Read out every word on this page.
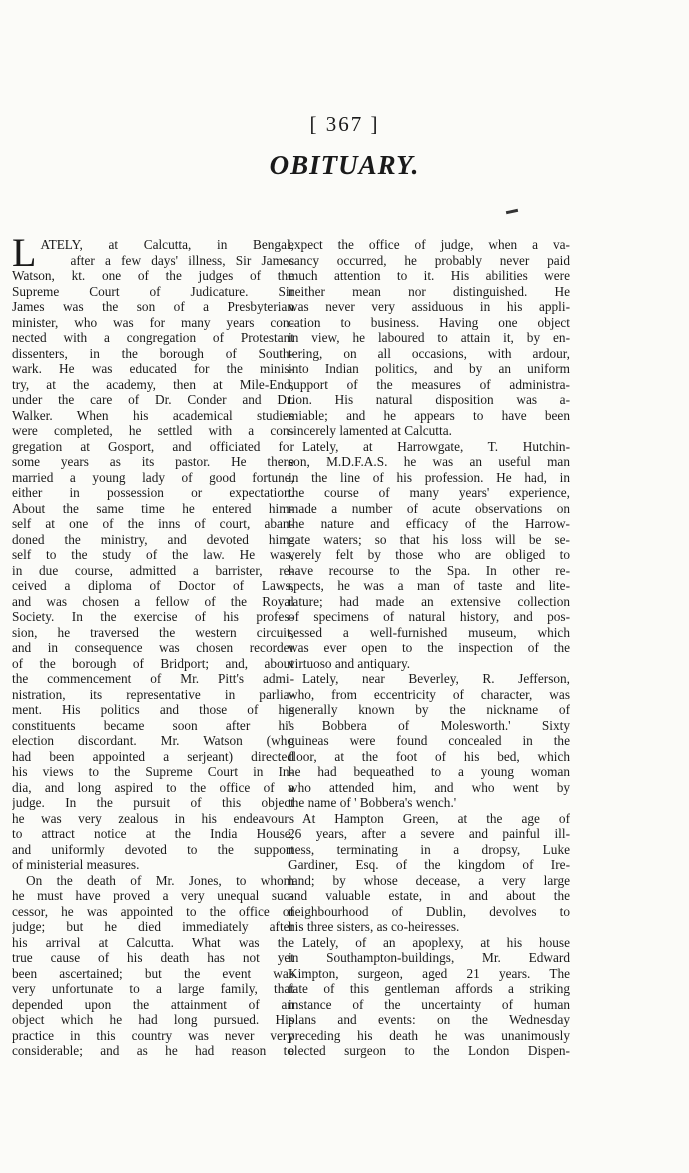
[ 367 ]
OBITUARY.
L ATELY, at Calcutta, in Bengal,
after a few days' illness, Sir James
Watson, kt. one of the judges of the
Supreme Court of Judicature. Sir
James was the son of a Presbyterian
minister, who was for many years con-
nected with a congregation of Protestant
dissenters, in the borough of South-
wark. He was educated for the minis-
try, at the academy, then at Mile-End,
under the care of Dr. Conder and Dr.
Walker. When his academical studies
were completed, he settled with a con-
gregation at Gosport, and officiated for
some years as its pastor. He there
married a young lady of good fortune,
either in possession or expectation.
About the same time he entered him-
self at one of the inns of court, aban-
doned the ministry, and devoted him-
self to the study of the law. He was,
in due course, admitted a barrister, re-
ceived a diploma of Doctor of Laws,
and was chosen a fellow of the Royal
Society. In the exercise of his profes-
sion, he traversed the western circuit,
and in consequence was chosen recorder
of the borough of Bridport; and, about
the commencement of Mr. Pitt's admi-
nistration, its representative in parlia-
ment. His politics and those of his
constituents became soon after his
election discordant. Mr. Watson (who
had been appointed a serjeant) directed
his views to the Supreme Court in In-
dia, and long aspired to the office of a
judge. In the pursuit of this object
he was very zealous in his endeavours
to attract notice at the India House,
and uniformly devoted to the support
of ministerial measures.
On the death of Mr. Jones, to whom
he must have proved a very unequal suc-
cessor, he was appointed to the office of
judge; but he died immediately after
his arrival at Calcutta. What was the
true cause of his death has not yet
been ascertained; but the event was
very unfortunate to a large family, that
depended upon the attainment of an
object which he had long pursued. His
practice in this country was never very
considerable; and as he had reason to
expect the office of judge, when a va-
cancy occurred, he probably never paid
much attention to it. His abilities were
neither mean nor distinguished. He
was never very assiduous in his appli-
cation to business. Having one object
in view, he laboured to attain it, by en-
tering, on all occasions, with ardour,
into Indian politics, and by an uniform
support of the measures of administra-
tion. His natural disposition was a-
miable; and he appears to have been
sincerely lamented at Calcutta.
Lately, at Harrowgate, T. Hutchin-
son, M.D.F.A.S. he was an useful man
in the line of his profession. He had, in
the course of many years' experience,
made a number of acute observations on
the nature and efficacy of the Harrow-
gate waters; so that his loss will be se-
verely felt by those who are obliged to
have recourse to the Spa. In other re-
spects, he was a man of taste and lite-
rature; had made an extensive collection
of specimens of natural history, and pos-
sessed a well-furnished museum, which
was ever open to the inspection of the
virtuoso and antiquary.
Lately, near Beverley, R. Jefferson,
who, from eccentricity of character, was
generally known by the nickname of
' Bobbera of Molesworth.' Sixty
guineas were found concealed in the
floor, at the foot of his bed, which
he had bequeathed to a young woman
who attended him, and who went by
the name of ' Bobbera's wench.'
At Hampton Green, at the age of
26 years, after a severe and painful ill-
ness, terminating in a dropsy, Luke
Gardiner, Esq. of the kingdom of Ire-
land; by whose decease, a very large
and valuable estate, in and about the
neighbourhood of Dublin, devolves to
his three sisters, as co-heiresses.
Lately, of an apoplexy, at his house
in Southampton-buildings, Mr. Edward
Kimpton, surgeon, aged 21 years. The
fate of this gentleman affords a striking
instance of the uncertainty of human
plans and events: on the Wednesday
preceding his death he was unanimously
elected surgeon to the London Dispen-
